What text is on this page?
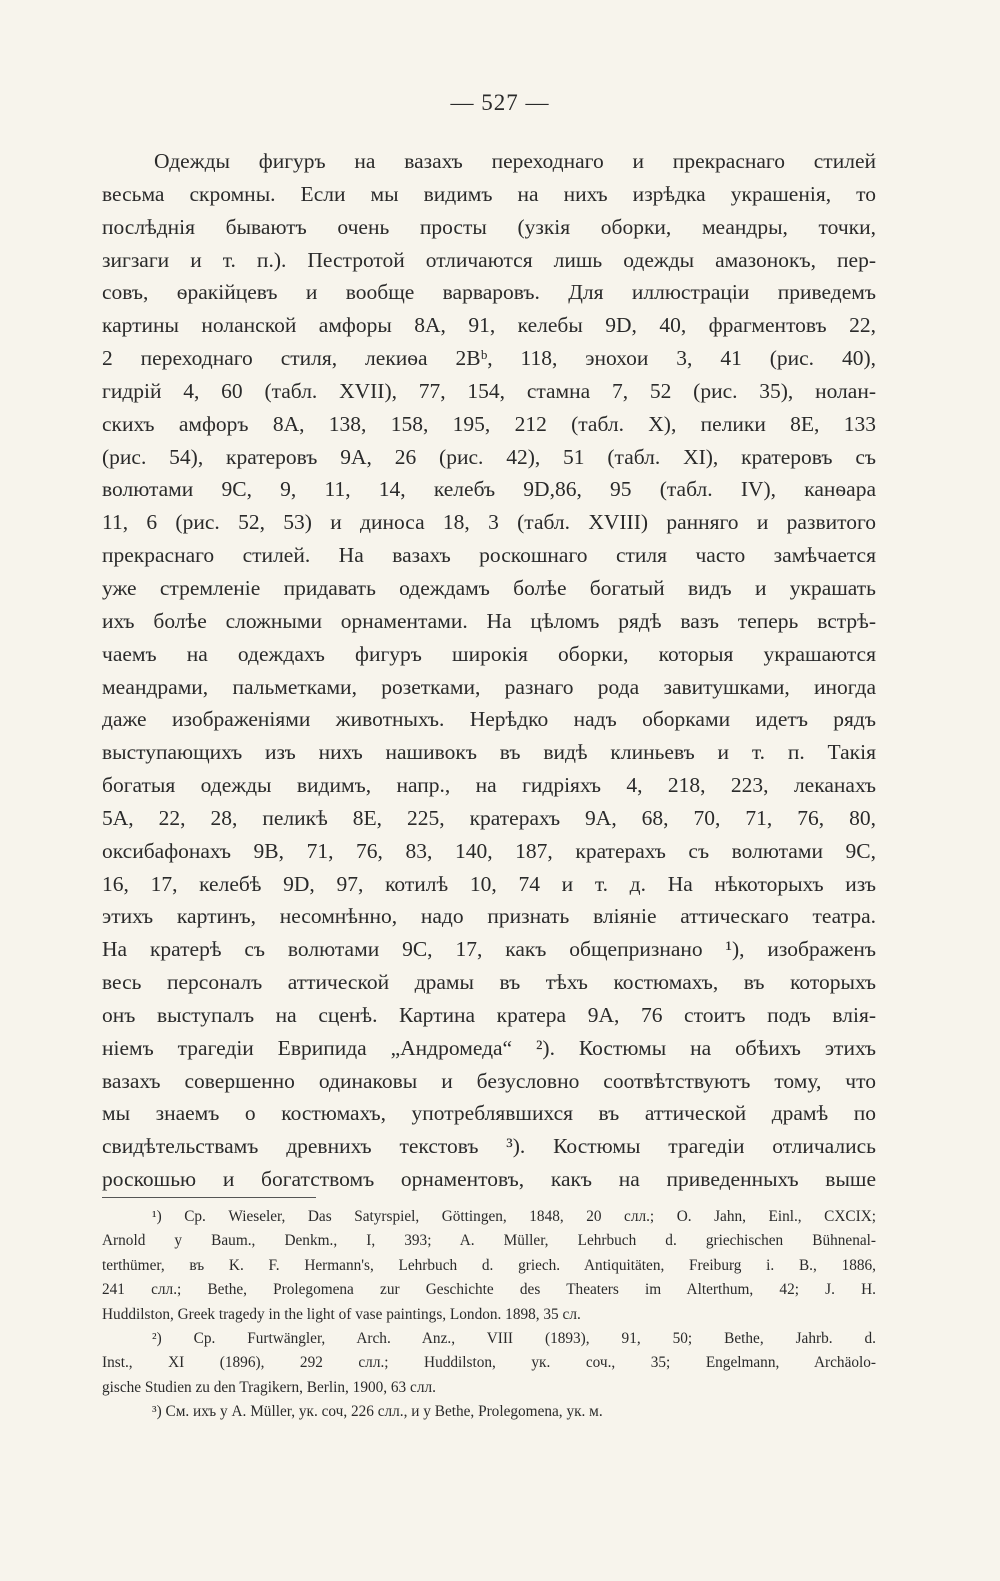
— 527 —
Одежды фигуръ на вазахъ переходнаго и прекраснаго стилей
весьма скромны. Если мы видимъ на нихъ изрѣдка украшенія, то
послѣднія бываютъ очень просты (узкія оборки, меандры, точки,
зигзаги и т. п.). Пестротой отличаются лишь одежды амазонокъ, пер-
совъ, ѳракійцевъ и вообще варваровъ. Для иллюстраціи приведемъ
картины ноланской амфоры 8А, 91, келебы 9D, 40, фрагментовъ 22,
2 переходнаго стиля, лекиѳа 2Bᵇ, 118, энохои 3, 41 (рис. 40),
гидрій 4, 60 (табл. XVII), 77, 154, стамна 7, 52 (рис. 35), нолан-
скихъ амфоръ 8А, 138, 158, 195, 212 (табл. X), пелики 8Е, 133
(рис. 54), кратеровъ 9А, 26 (рис. 42), 51 (табл. XI), кратеровъ съ
волютами 9С, 9, 11, 14, келебъ 9D,86, 95 (табл. IV), канѳара
11, 6 (рис. 52, 53) и диноса 18, 3 (табл. XVIII) ранняго и развитого
прекраснаго стилей. На вазахъ роскошнаго стиля часто замѣчается
уже стремленіе придавать одеждамъ болѣе богатый видъ и украшать
ихъ болѣе сложными орнаментами. На цѣломъ рядѣ вазъ теперь встрѣ-
чаемъ на одеждахъ фигуръ широкія оборки, которыя украшаются
меандрами, пальметками, розетками, разнаго рода завитушками, иногда
даже изображеніями животныхъ. Нерѣдко надъ оборками идетъ рядъ
выступающихъ изъ нихъ нашивокъ въ видѣ клиньевъ и т. п. Такія
богатыя одежды видимъ, напр., на гидріяхъ 4, 218, 223, леканахъ
5А, 22, 28, пеликѣ 8Е, 225, кратерахъ 9А, 68, 70, 71, 76, 80,
оксибафонахъ 9В, 71, 76, 83, 140, 187, кратерахъ съ волютами 9С,
16, 17, келебѣ 9D, 97, котилѣ 10, 74 и т. д. На нѣкоторыхъ изъ
этихъ картинъ, несомнѣнно, надо признать вліяніе аттическаго театра.
На кратерѣ съ волютами 9С, 17, какъ общепризнано ¹), изображенъ
весь персоналъ аттической драмы въ тѣхъ костюмахъ, въ которыхъ
онъ выступалъ на сценѣ. Картина кратера 9А, 76 стоитъ подъ влія-
ніемъ трагедіи Еврипида „Андромеда“ ²). Костюмы на обѣихъ этихъ
вазахъ совершенно одинаковы и безусловно соотвѣтствуютъ тому, что
мы знаемъ о костюмахъ, употреблявшихся въ аттической драмѣ по
свидѣтельствамъ древнихъ текстовъ ³). Костюмы трагедіи отличались
роскошью и богатствомъ орнаментовъ, какъ на приведенныхъ выше
¹) Ср. Wieseler, Das Satyrspiel, Göttingen, 1848, 20 слл.; O. Jahn, Einl., CXCIX;
Arnold у Baum., Denkm., I, 393; A. Müller, Lehrbuch d. griechischen Bühnenal-
terthümer, въ K. F. Hermann's, Lehrbuch d. griech. Antiquitäten, Freiburg i. B., 1886,
241 слл.; Bethe, Prolegomena zur Geschichte des Theaters im Alterthum, 42; J. H.
Huddilston, Greek tragedy in the light of vase paintings, London. 1898, 35 сл.
²) Ср. Furtwängler, Arch. Anz., VIII (1893), 91, 50; Bethe, Jahrb. d.
Inst., XI (1896), 292 слл.; Huddilston, ук. соч., 35; Engelmann, Archäolo-
gische Studien zu den Tragikern, Berlin, 1900, 63 слл.
³) См. ихъ у A. Müller, ук. соч, 226 слл., и у Bethe, Prolegomena, ук. м.
